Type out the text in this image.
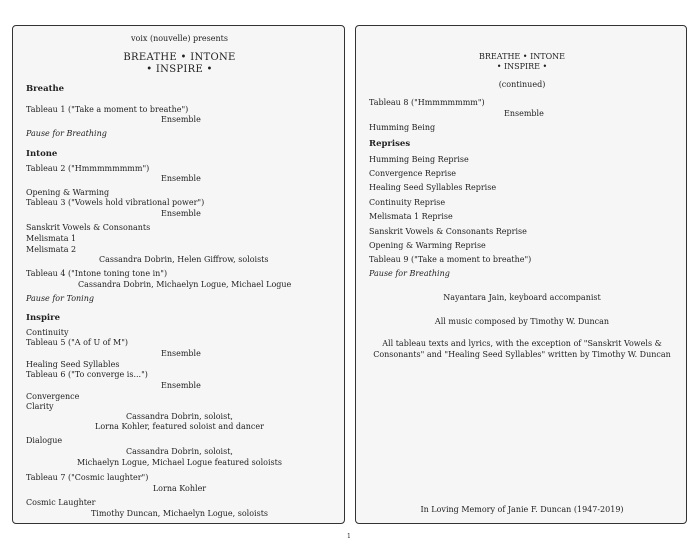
voix (nouvelle) presents
BREATHE • INTONE
• INSPIRE •
Breathe
Tableau 1 ("Take a moment to breathe")
Ensemble
Pause for Breathing
Intone
Tableau 2 ("Hmmmmmmmm")
Ensemble
Opening & Warming
Tableau 3 ("Vowels hold vibrational power")
Ensemble
Sanskrit Vowels & Consonants
Melismata 1
Melismata 2
Cassandra Dobrin, Helen Giffrow, soloists
Tableau 4 ("Intone toning tone in")
Cassandra Dobrin, Michaelyn Logue, Michael Logue
Pause for Toning
Inspire
Continuity
Tableau 5 ("A of U of M")
Ensemble
Healing Seed Syllables
Tableau 6 ("To converge is...")
Ensemble
Convergence
Clarity
Cassandra Dobrin, soloist,
Lorna Kohler, featured soloist and dancer
Dialogue
Cassandra Dobrin, soloist,
Michaelyn Logue, Michael Logue featured soloists
Tableau 7 ("Cosmic laughter")
Lorna Kohler
Cosmic Laughter
Timothy Duncan, Michaelyn Logue, soloists
BREATHE • INTONE
• INSPIRE •
(continued)
Tableau 8 ("Hmmmmmmm")
Ensemble
Humming Being
Reprises
Humming Being Reprise
Convergence Reprise
Healing Seed Syllables Reprise
Continuity Reprise
Melismata 1 Reprise
Sanskrit Vowels & Consonants Reprise
Opening & Warming Reprise
Tableau 9 ("Take a moment to breathe")
Pause for Breathing
Nayantara Jain, keyboard accompanist
All music composed by Timothy W. Duncan
All tableau texts and lyrics, with the exception of "Sanskrit Vowels &
Consonants" and "Healing Seed Syllables" written by Timothy W. Duncan
In Loving Memory of Janie F. Duncan (1947-2019)
1
